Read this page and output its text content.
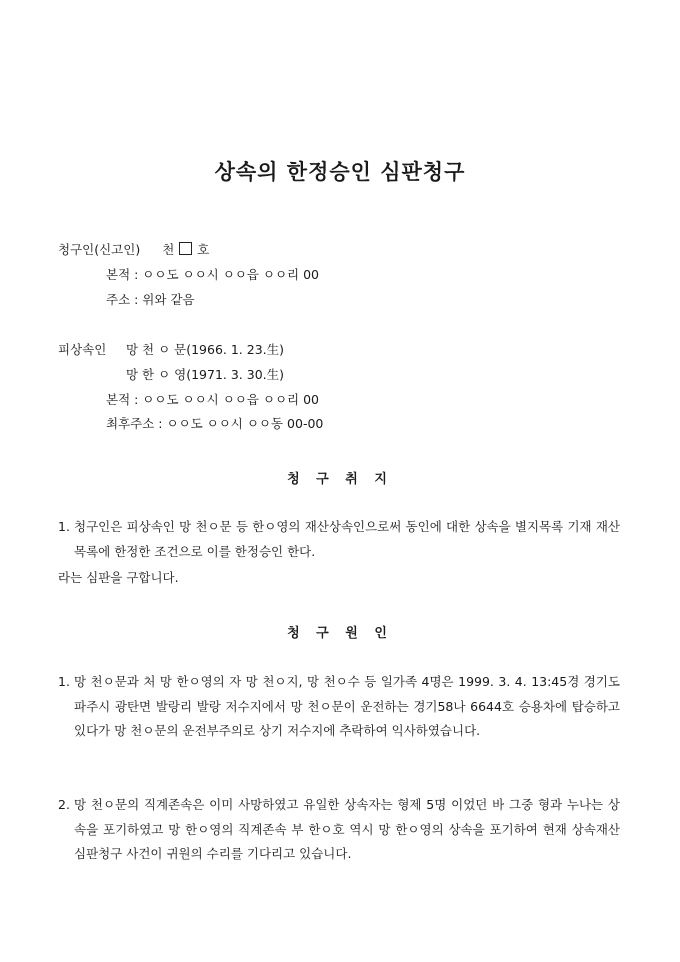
상속의 한정승인 심판청구
청구인(신고인) 천 호
본적 : ㅇㅇ도 ㅇㅇ시 ㅇㅇ읍 ㅇㅇ리 00
주소 : 위와 같음
피상속인 망 천 ㅇ 문(1966. 1. 23.生)
망 한 ㅇ 영(1971. 3. 30.生)
본적 : ㅇㅇ도 ㅇㅇ시 ㅇㅇ읍 ㅇㅇ리 00
최후주소 : ㅇㅇ도 ㅇㅇ시 ㅇㅇ동 00-00
청 구 취 지
1. 청구인은 피상속인 망 천ㅇ문 등 한ㅇ영의 재산상속인으로써 동인에 대한 상속을 별지목록 기재 재산목록에 한정한 조건으로 이를 한정승인 한다.
라는 심판을 구합니다.
청 구 원 인
1. 망 천ㅇ문과 처 망 한ㅇ영의 자 망 천ㅇ지, 망 천ㅇ수 등 일가족 4명은 1999. 3. 4. 13:45경 경기도 파주시 광탄면 발랑리 발랑 저수지에서 망 천ㅇ문이 운전하는 경기58나 6644호 승용차에 탑승하고 있다가 망 천ㅇ문의 운전부주의로 상기 저수지에 추락하여 익사하였습니다.
2. 망 천ㅇ문의 직계존속은 이미 사망하였고 유일한 상속자는 형제 5명 이었던 바 그중 형과 누나는 상속을 포기하였고 망 한ㅇ영의 직계존속 부 한ㅇ호 역시 망 한ㅇ영의 상속을 포기하여 현재 상속재산 심판청구 사건이 귀원의 수리를 기다리고 있습니다.
